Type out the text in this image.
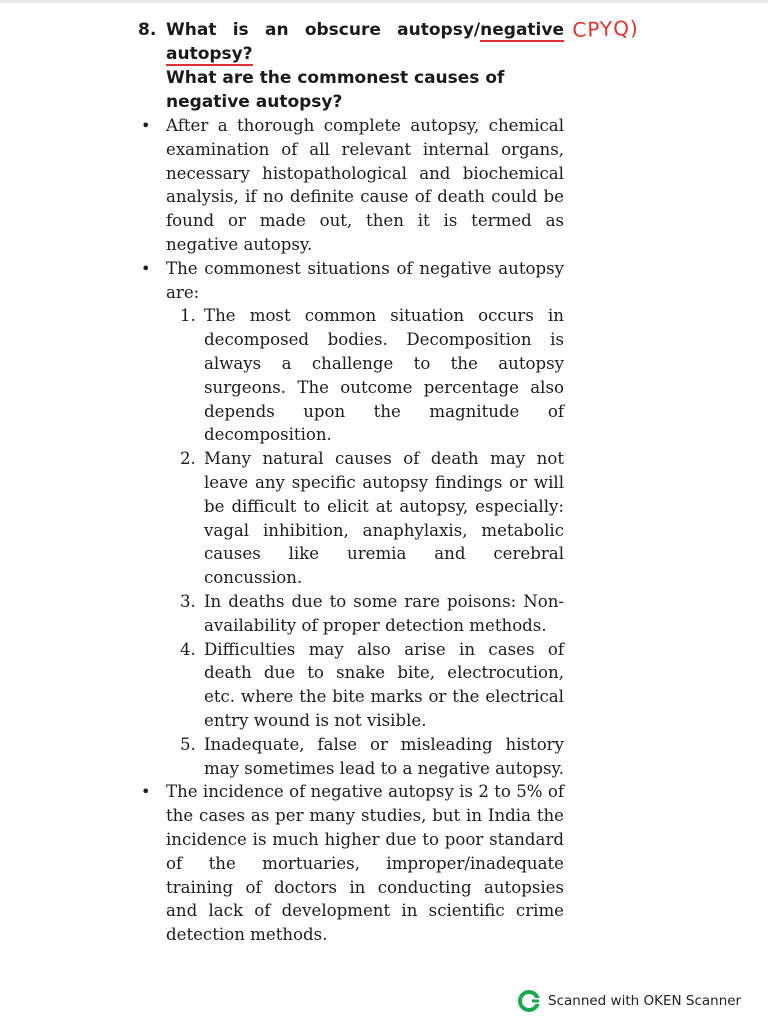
8. What is an obscure autopsy/negative
autopsy?
What are the commonest causes of negative autopsy?
• After a thorough complete autopsy, chemical examination of all relevant internal organs, necessary histopathological and biochemical analysis, if no definite cause of death could be found or made out, then it is termed as negative autopsy.

• The commonest situations of negative autopsy are:

1. The most common situation occurs in decomposed bodies. Decomposition is always a challenge to the autopsy surgeons. The outcome percentage also depends upon the magnitude of decomposition.

2. Many natural causes of death may not leave any specific autopsy findings or will be difficult to elicit at autopsy, especially: vagal inhibition, anaphylaxis, metabolic causes like uremia and cerebral concussion.

3. In deaths due to some rare poisons: Non-availability of proper detection methods.

4. Difficulties may also arise in cases of death due to snake bite, electrocution, etc. where the bite marks or the electrical entry wound is not visible.

5. Inadequate, false or misleading history may sometimes lead to a negative autopsy.

• The incidence of negative autopsy is 2 to 5% of the cases as per many studies, but in India the incidence is much higher due to poor standard of the mortuaries, improper/inadequate training of doctors in conducting autopsies and lack of development in scientific crime detection methods.

CPYQ)
Scanned with OKEN Scanner
